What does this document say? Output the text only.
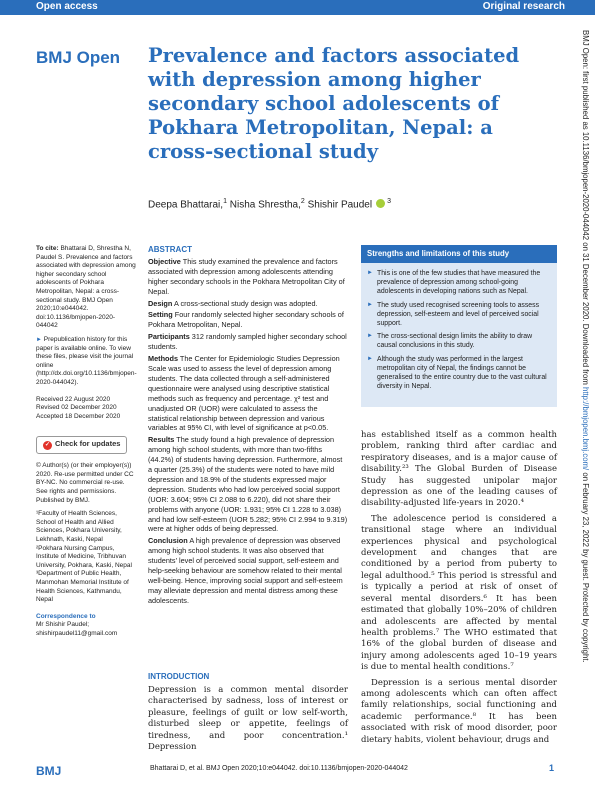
Open access	Original research
BMJ Open Prevalence and factors associated with depression among higher secondary school adolescents of Pokhara Metropolitan, Nepal: a cross-sectional study
Deepa Bhattarai,$^1$ Nisha Shrestha,$^2$ Shishir Paudel $^3$

To cite: Bhattarai D, Shrestha N, Paudel S. Prevalence and factors associated with depression among higher secondary school adolescents of Pokhara Metropolitan, Nepal: a cross-sectional study. BMJ Open 2020;10:e044042. doi:10.1136/bmjopen-2020-044042

► Prepublication history for this paper is available online. To view these files, please visit the journal online (http://dx.doi.org/10.1136/bmjopen-2020-044042).

Received 22 August 2020
Revised 02 December 2020
Accepted 18 December 2020

✓ Check for updates

© Author(s) (or their employer(s)) 2020. Re-use permitted under CC BY-NC. No commercial re-use. See rights and permissions. Published by BMJ.

¹Faculty of Health Sciences, School of Health and Allied Sciences, Pokhara University, Lekhnath, Kaski, Nepal

²Pokhara Nursing Campus, Institute of Medicine, Tribhuvan University, Pokhara, Kaski, Nepal

³Department of Public Health, Manmohan Memorial Institute of Health Sciences, Kathmandu, Nepal

Correspondence to
Mr Shishir Paudel; shishirpaudel11@gmail.com

ABSTRACT

Objective This study examined the prevalence and factors associated with depression among adolescents attending higher secondary schools in the Pokhara Metropolitan City of Nepal.

Design A cross-sectional study design was adopted.

Setting Four randomly selected higher secondary schools of Pokhara Metropolitan, Nepal.

Participants 312 randomly sampled higher secondary school students.

Methods The Center for Epidemiologic Studies Depression Scale was used to assess the level of depression among students. The data collected through a self-administered questionnaire were analysed using descriptive statistical methods such as frequency and percentage. χ² test and unadjusted OR (UOR) were calculated to assess the statistical relationship between depression and various variables at 95% CI, with level of significance at p<0.05.

Results The study found a high prevalence of depression among high school students, with more than two-fifths (44.2%) of students having depression. Furthermore, almost a quarter (25.3%) of the students were noted to have mild depression and 18.9% of the students expressed major depression. Students who had low perceived social support (UOR: 3.604; 95% CI 2.088 to 6.220), did not share their problems with anyone (UOR: 1.931; 95% CI 1.228 to 3.038) and had low self-esteem (UOR 5.282; 95% CI 2.994 to 9.319) were at higher odds of being depressed.

Conclusion A high prevalence of depression was observed among high school students. It was also observed that students' level of perceived social support, self-esteem and help-seeking behaviour are somehow related to their mental well-being. Hence, improving social support and self-esteem may alleviate depression and mental distress among these adolescents.

INTRODUCTION

Depression is a common mental disorder characterised by sadness, loss of interest or pleasure, feelings of guilt or low self-worth, disturbed sleep or appetite, feelings of tiredness, and poor concentration.¹ Depression

Strengths and limitations of this study
► This is one of the few studies that have measured the prevalence of depression among school-going adolescents in developing nations such as Nepal.
► The study used recognised screening tools to assess depression, self-esteem and level of perceived social support.
► The cross-sectional design limits the ability to draw causal conclusions in this study.
► Although the study was performed in the largest metropolitan city of Nepal, the findings cannot be generalised to the entire country due to the vast cultural diversity in Nepal.

has established itself as a common health problem, ranking third after cardiac and respiratory diseases, and is a major cause of disability.²³ The Global Burden of Disease Study has suggested unipolar major depression as one of the leading causes of disability-adjusted life-years in 2020.⁴

The adolescence period is considered a transitional stage where an individual experiences physical and psychological development and changes that are conditioned by a period from puberty to legal adulthood.⁵ This period is stressful and is typically a period at risk of onset of several mental disorders.⁶ It has been estimated that globally 10%–20% of children and adolescents are affected by mental health problems.⁷ The WHO estimated that 16% of the global burden of disease and injury among adolescents aged 10–19 years is due to mental health conditions.⁷

Depression is a serious mental disorder among adolescents which can often affect family relationships, social functioning and academic performance.⁸ It has been associated with risk of mood disorder, poor dietary habits, violent behaviour, drugs and

BMJ	Bhattarai D, et al. BMJ Open 2020;10:e044042. doi:10.1136/bmjopen-2020-044042	1
BMJ Open: first published as 10.1136/bmjopen-2020-044042 on 31 December 2020. Downloaded from http://bmjopen.bmj.com/ on February 23, 2022 by guest. Protected by copyright.
